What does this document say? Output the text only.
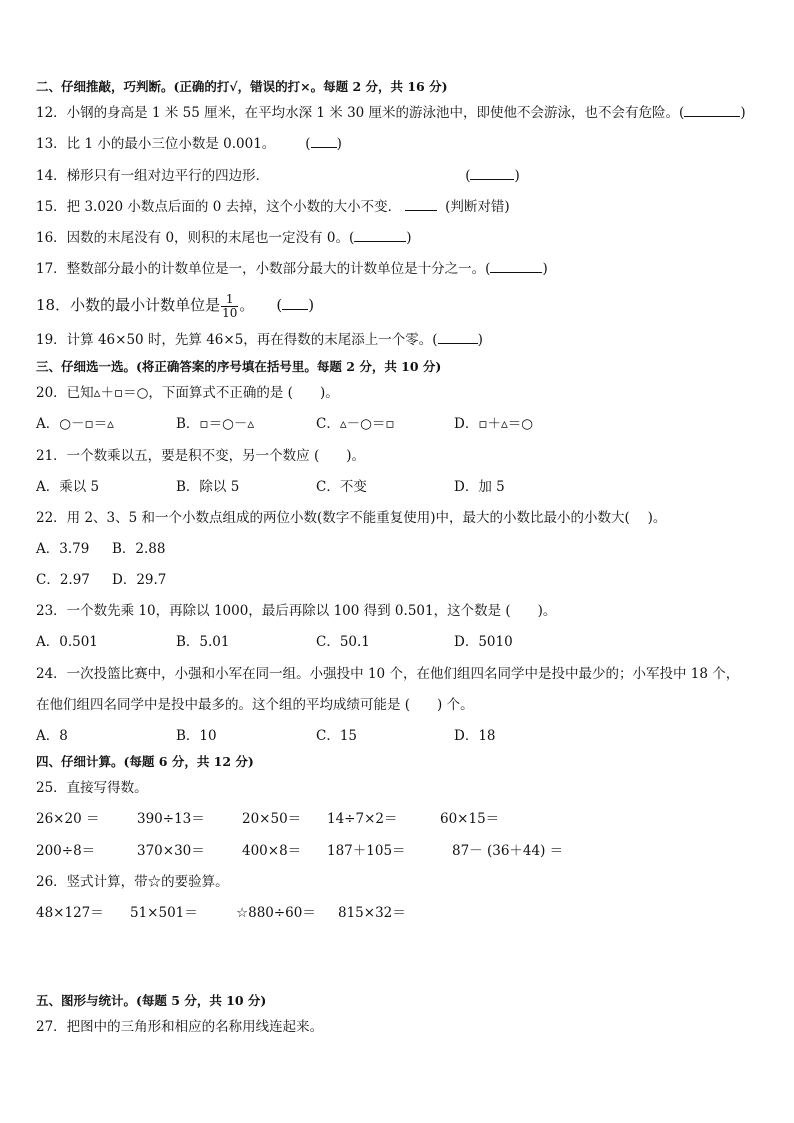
二、仔细推敲，巧判断。(正确的打√，错误的打×。每题 2 分，共 16 分)
12．小钢的身高是 1 米 55 厘米，在平均水深 1 米 30 厘米的游泳池中，即使他不会游泳，也不会有危险。(	)
13．比 1 小的最小三位小数是 0.001。 ( )
14．梯形只有一组对边平行的四边形．	(	)
15．把 3.020 小数点后面的 0 去掉，这个小数的大小不变．	(判断对错)
16．因数的末尾没有 0，则积的末尾也一定没有 0。(	)
17．整数部分最小的计数单位是一，小数部分最大的计数单位是十分之一。(	)
18．小数的最小计数单位是 $\frac{1}{10}$ 。 ( )
19．计算 46×50 时，先算 46×5，再在得数的末尾添上一个零。(	)
三、仔细选一选。(将正确答案的序号填在括号里。每题 2 分，共 10 分)
20．已知▵＋▫＝○，下面算式不正确的是 (　　)。
A．○－▫＝▵	B．▫＝○－▵	C．▵－○＝▫	D．▫＋▵＝○
21．一个数乘以五，要是积不变，另一个数应 (　　)。
A．乘以 5	B．除以 5	C．不变	D．加 5
22．用 2、3、5 和一个小数点组成的两位小数(数字不能重复使用)中，最大的小数比最小的小数大(　 )。
A．3.79 B．2.88
C．2.97 D．29.7
23．一个数先乘 10，再除以 1000，最后再除以 100 得到 0.501，这个数是 (　　)。
A．0.501	B．5.01	C．50.1	D．5010
24．一次投篮比赛中，小强和小军在同一组。小强投中 10 个，在他们组四名同学中是投中最少的；小军投中 18 个，
在他们组四名同学中是投中最多的。这个组的平均成绩可能是 (　　) 个。
A．8	B．10	C．15	D．18
四、仔细计算。(每题 6 分，共 12 分)
25．直接写得数。
26×20 ＝	390÷13＝	20×50＝ 14÷7×2＝	60×15＝
200÷8＝	370×30＝	400×8＝ 187＋105＝	87－ (36＋44) ＝
26．竖式计算，带☆的要验算。
48×127＝ 51×501＝	☆880÷60＝ 815×32＝
五、图形与统计。(每题 5 分，共 10 分)
27．把图中的三角形和相应的名称用线连起来。
